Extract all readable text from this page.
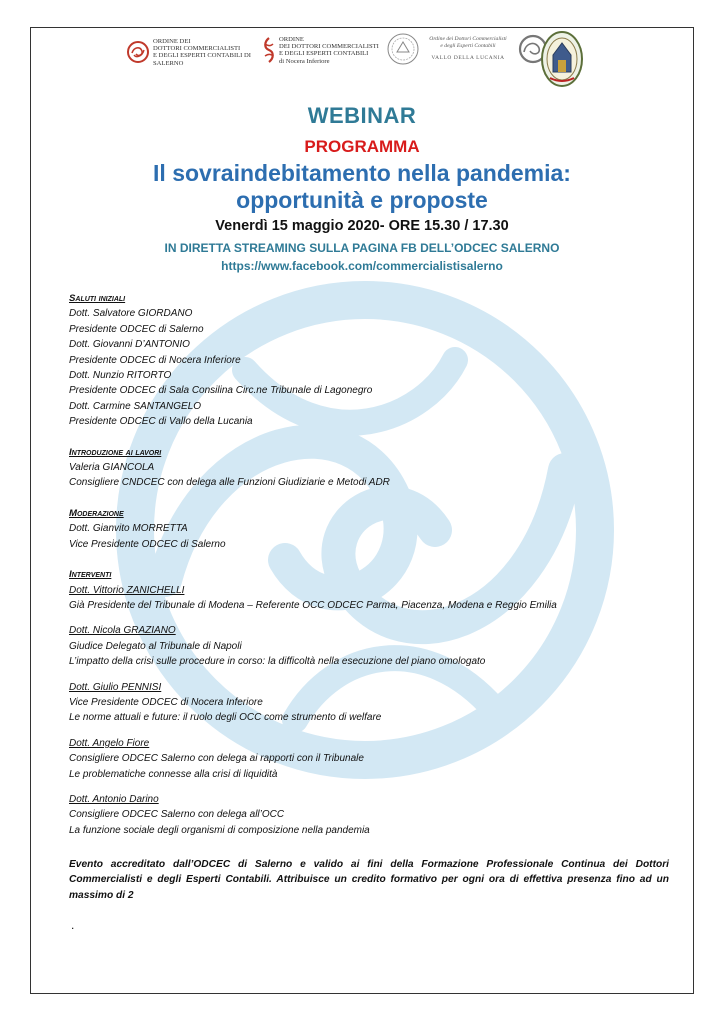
ORDINE DEI
DOTTORI COMMERCIALISTI
E DEGLI ESPERTI CONTABILI DI
SALERNO
ORDINE
DEI DOTTORI COMMERCIALISTI
E DEGLI ESPERTI CONTABILI
di Nocera Inferiore
Ordine dei Dottori Commercialisti
e degli Esperti Contabili
VALLO DELLA LUCANIA
WEBINAR
PROGRAMMA
Il sovraindebitamento nella pandemia:
opportunità e proposte
Venerdì 15 maggio 2020- ORE 15.30 / 17.30
IN DIRETTA STREAMING SULLA PAGINA FB DELL’ODCEC SALERNO
https://www.facebook.com/commercialistisalerno
Saluti iniziali
Dott. Salvatore GIORDANO
Presidente ODCEC di Salerno
Dott. Giovanni D’ANTONIO
Presidente ODCEC di Nocera Inferiore
Dott. Nunzio RITORTO
Presidente ODCEC di Sala Consilina Circ.ne Tribunale di Lagonegro
Dott. Carmine SANTANGELO
Presidente ODCEC di Vallo della Lucania
Introduzione ai lavori
Valeria GIANCOLA
Consigliere CNDCEC con delega alle Funzioni Giudiziarie e Metodi ADR
Moderazione
Dott. Gianvito MORRETTA
Vice Presidente ODCEC di Salerno
Interventi
Dott. Vittorio ZANICHELLI
Già Presidente del Tribunale di Modena – Referente OCC ODCEC Parma, Piacenza, Modena e Reggio Emilia
Dott. Nicola GRAZIANO
Giudice Delegato al Tribunale di Napoli
L’impatto della crisi sulle procedure in corso: la difficoltà nella esecuzione del piano omologato
Dott. Giulio PENNISI
Vice Presidente ODCEC di Nocera Inferiore
Le norme attuali e future: il ruolo degli OCC come strumento di welfare
Dott. Angelo Fiore
Consigliere ODCEC Salerno con delega ai rapporti con il Tribunale
Le problematiche connesse alla crisi di liquidità
Dott. Antonio Darino
Consigliere ODCEC Salerno con delega all’OCC
La funzione sociale degli organismi di composizione nella pandemia
Evento accreditato dall’ODCEC di Salerno e valido ai fini della Formazione Professionale Continua dei Dottori Commercialisti e degli Esperti Contabili. Attribuisce un credito formativo per ogni ora di effettiva presenza fino ad un massimo di 2
.
